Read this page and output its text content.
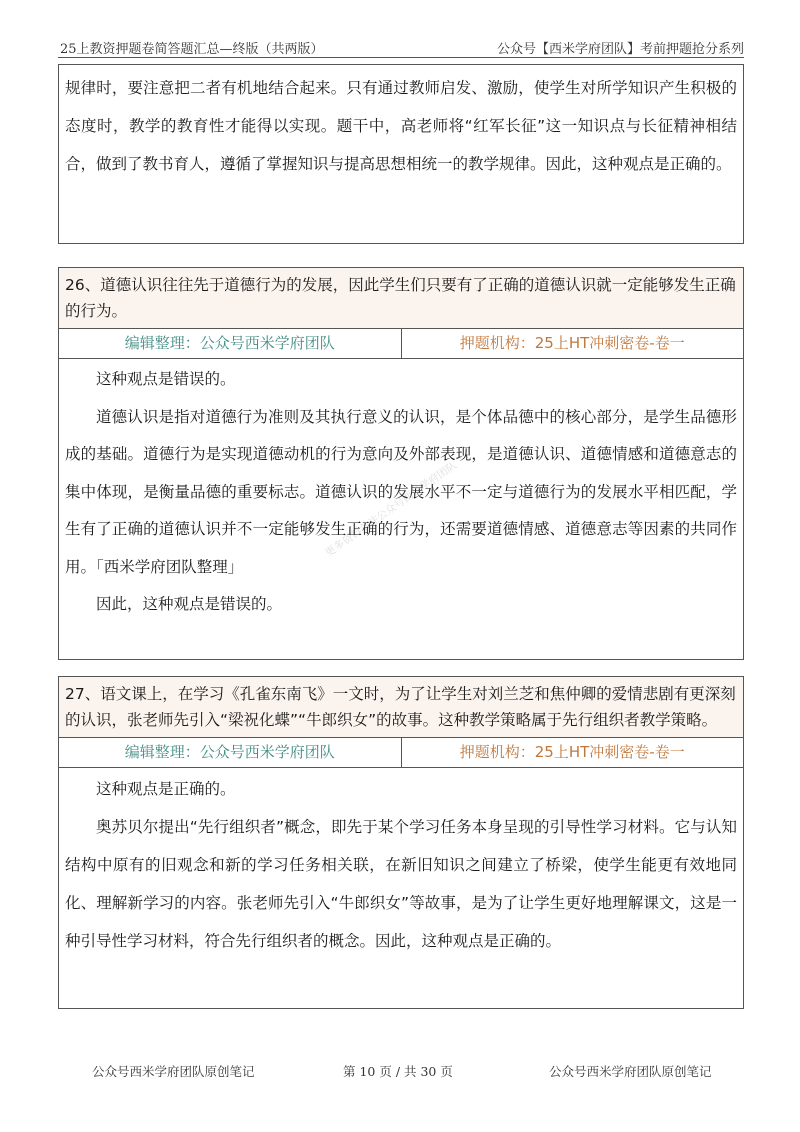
25上教资押题卷简答题汇总—终版（共两版）	公众号【西米学府团队】考前押题抢分系列

规律时，要注意把二者有机地结合起来。只有通过教师启发、激励，使学生对所学知识产生积极的态度时，教学的教育性才能得以实现。题干中，高老师将“红军长征”这一知识点与长征精神相结合，做到了教书育人，遵循了掌握知识与提高思想相统一的教学规律。因此，这种观点是正确的。

26、道德认识往往先于道德行为的发展，因此学生们只要有了正确的道德认识就一定能够发生正确的行为。
编辑整理：公众号西米学府团队	押题机构：25上HT冲刺密卷-卷一

这种观点是错误的。

道德认识是指对道德行为准则及其执行意义的认识，是个体品德中的核心部分，是学生品德形成的基础。道德行为是实现道德动机的行为意向及外部表现，是道德认识、道德情感和道德意志的集中体现，是衡量品德的重要标志。道德认识的发展水平不一定与道德行为的发展水平相匹配，学生有了正确的道德认识并不一定能够发生正确的行为，还需要道德情感、道德意志等因素的共同作用。「西米学府团队整理」

因此，这种观点是错误的。

27、语文课上，在学习《孔雀东南飞》一文时，为了让学生对刘兰芝和焦仲卿的爱情悲剧有更深刻的认识，张老师先引入“梁祝化蝶”“牛郎织女”的故事。这种教学策略属于先行组织者教学策略。
编辑整理：公众号西米学府团队	押题机构：25上HT冲刺密卷-卷一

这种观点是正确的。

奥苏贝尔提出“先行组织者”概念，即先于某个学习任务本身呈现的引导性学习材料。它与认知结构中原有的旧观念和新的学习任务相关联，在新旧知识之间建立了桥梁，使学生能更有效地同化、理解新学习的内容。张老师先引入“牛郎织女”等故事，是为了让学生更好地理解课文，这是一种引导性学习材料，符合先行组织者的概念。因此，这种观点是正确的。

更多资料关注公众号西米学府团队
公众号西米学府团队原创笔记	第 10 页 / 共 30 页	公众号西米学府团队原创笔记
